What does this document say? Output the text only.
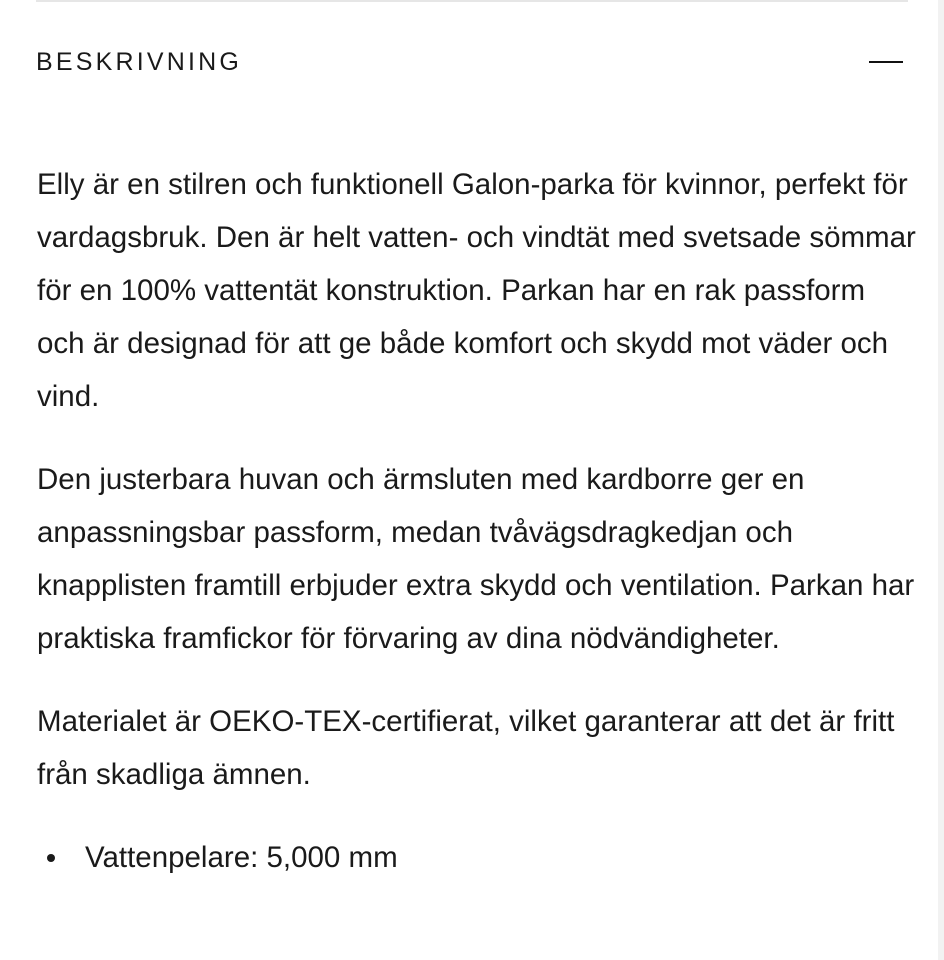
BESKRIVNING

Elly är en stilren och funktionell Galon-parka för kvinnor, perfekt för vardagsbruk. Den är helt vatten- och vindtät med svetsade sömmar för en 100% vattentät konstruktion. Parkan har en rak passform och är designad för att ge både komfort och skydd mot väder och vind.

Den justerbara huvan och ärmsluten med kardborre ger en anpassningsbar passform, medan tvåvägsdragkedjan och knapplisten framtill erbjuder extra skydd och ventilation. Parkan har praktiska framfickor för förvaring av dina nödvändigheter.

Materialet är OEKO-TEX-certifierat, vilket garanterar att det är fritt från skadliga ämnen.

Vattenpelare: 5,000 mm
